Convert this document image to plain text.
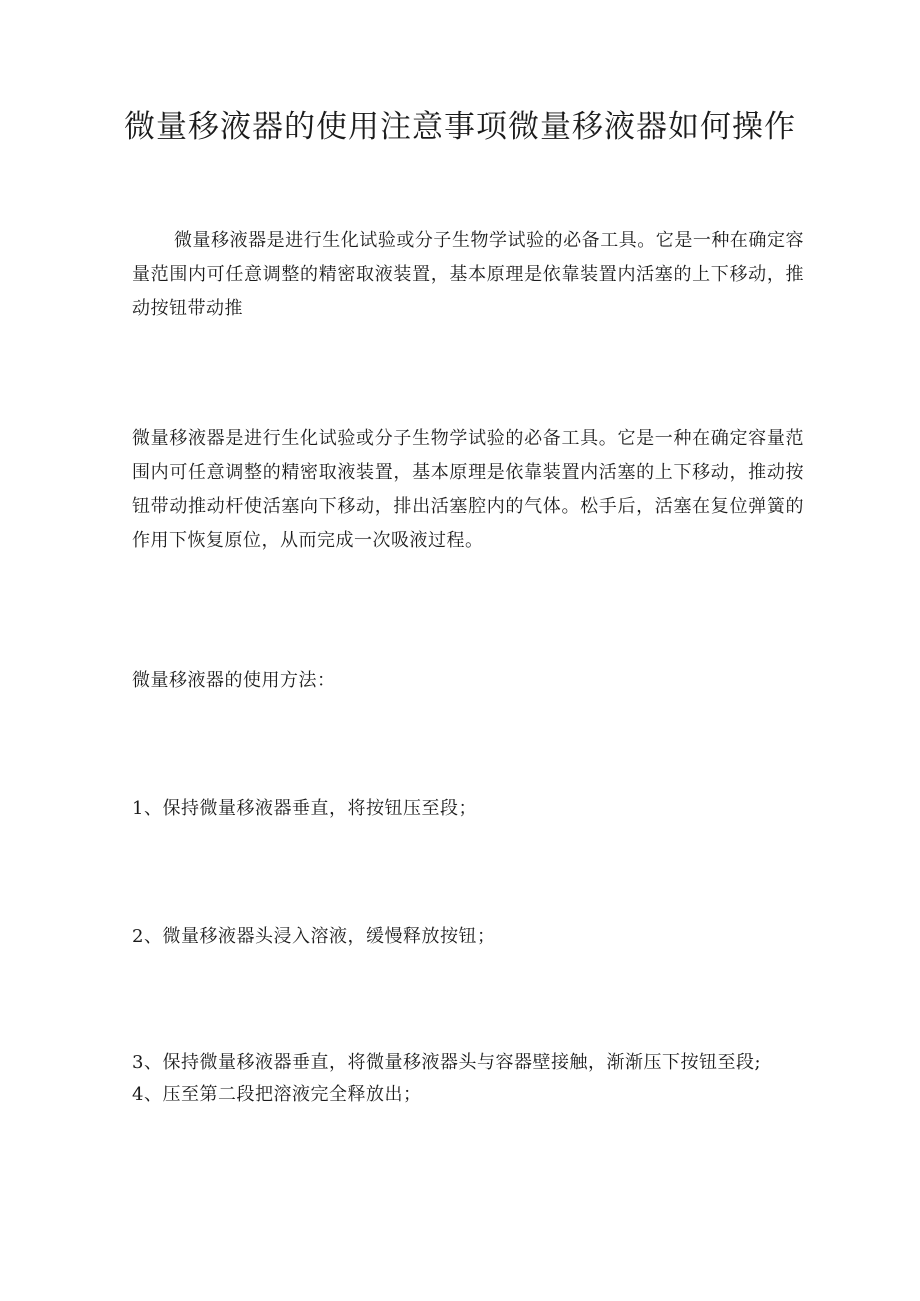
微量移液器的使用注意事项微量移液器如何操作

微量移液器是进行生化试验或分子生物学试验的必备工具。它是一种在确定容量范围内可任意调整的精密取液装置，基本原理是依靠装置内活塞的上下移动，推动按钮带动推

微量移液器是进行生化试验或分子生物学试验的必备工具。它是一种在确定容量范围内可任意调整的精密取液装置，基本原理是依靠装置内活塞的上下移动，推动按钮带动推动杆使活塞向下移动，排出活塞腔内的气体。松手后，活塞在复位弹簧的作用下恢复原位，从而完成一次吸液过程。

微量移液器的使用方法：

1、保持微量移液器垂直，将按钮压至段；

2、微量移液器头浸入溶液，缓慢释放按钮；

3、保持微量移液器垂直，将微量移液器头与容器壁接触，渐渐压下按钮至段;

4、压至第二段把溶液完全释放出；
